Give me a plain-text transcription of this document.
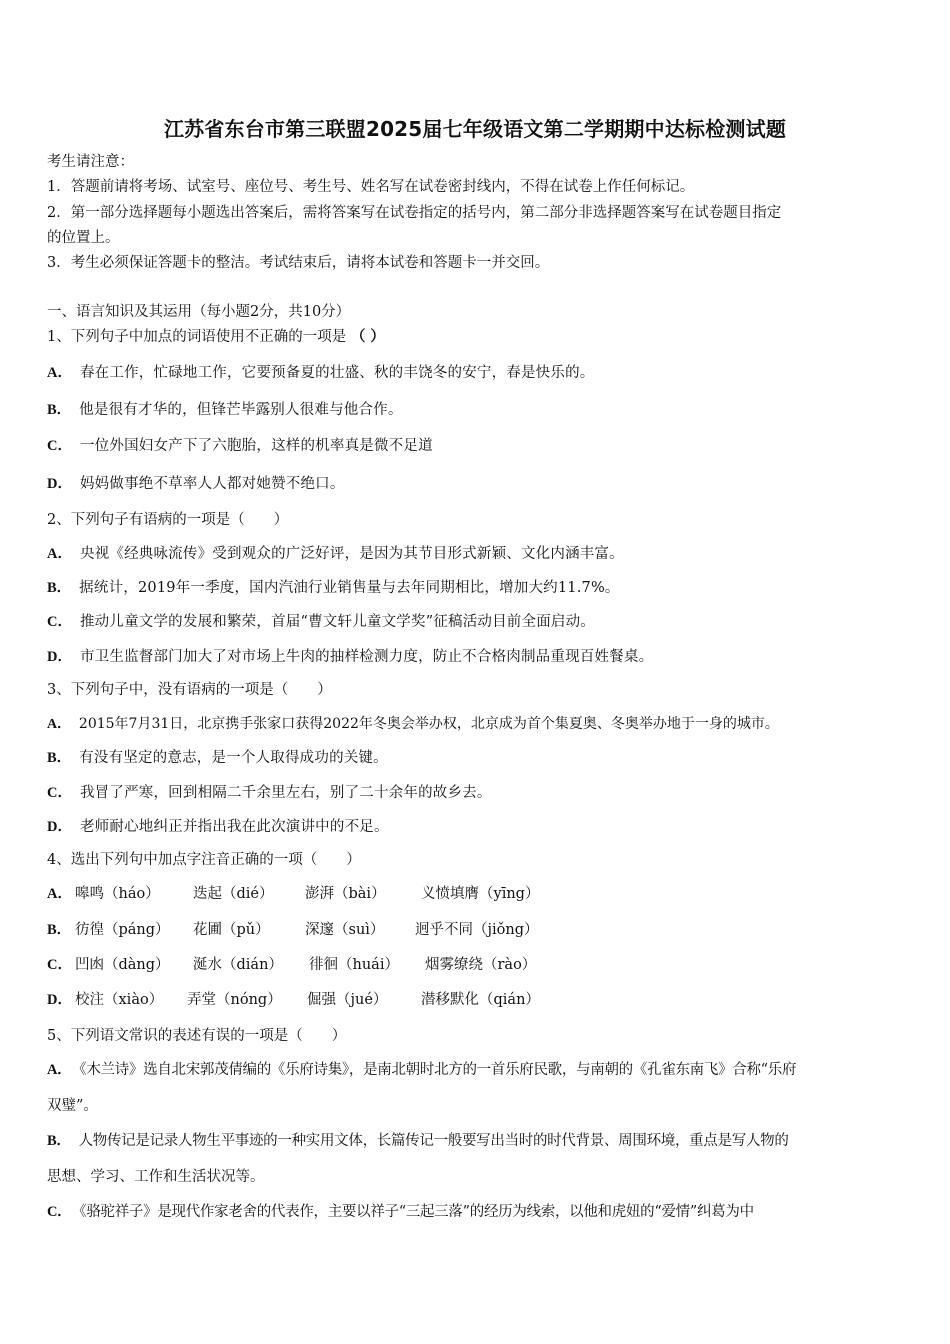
江苏省东台市第三联盟2025届七年级语文第二学期期中达标检测试题
考生请注意：
1．答题前请将考场、试室号、座位号、考生号、姓名写在试卷密封线内，不得在试卷上作任何标记。
2．第一部分选择题每小题选出答案后，需将答案写在试卷指定的括号内，第二部分非选择题答案写在试卷题目指定
的位置上。
3．考生必须保证答题卡的整洁。考试结束后，请将本试卷和答题卡一并交回。
一、语言知识及其运用（每小题2分，共10分）
1、下列句子中加点的词语使用不正确的一项是 （ ）
A． 春在工作，忙碌地工作，它要预备夏的壮盛、秋的丰饶冬的安宁，春是快乐的。
B． 他是很有才华的，但锋芒毕露别人很难与他合作。
C． 一位外国妇女产下了六胞胎，这样的机率真是微不足道
D． 妈妈做事绝不草率人人都对她赞不绝口。
2、下列句子有语病的一项是（　　）
A． 央视《经典咏流传》受到观众的广泛好评，是因为其节目形式新颖、文化内涵丰富。
B． 据统计，2019年一季度，国内汽油行业销售量与去年同期相比，增加大约11.7%。
C． 推动儿童文学的发展和繁荣，首届“曹文轩儿童文学奖”征稿活动目前全面启动。
D． 市卫生监督部门加大了对市场上牛肉的抽样检测力度，防止不合格肉制品重现百姓餐桌。
3、下列句子中，没有语病的一项是（　　）
A． 2015年7月31日，北京携手张家口获得2022年冬奥会举办权，北京成为首个集夏奥、冬奥举办地于一身的城市。
B． 有没有坚定的意志，是一个人取得成功的关键。
C． 我冒了严寒，回到相隔二千余里左右，别了二十余年的故乡去。
D． 老师耐心地纠正并指出我在此次演讲中的不足。
4、选出下列句中加点字注音正确的一项（　　）
A． 嗥鸣（háo） 迭起（dié） 澎湃（bài） 义愤填膺（yīng）
B． 彷徨（páng） 花圃（pǔ） 深邃（suì） 迥乎不同（jiǒng）
C． 凹凼（dàng） 涎水（dián） 徘徊（huái） 烟雾缭绕（rào）
D． 校注（xiào） 弄堂（nóng） 倔强（jué） 潜移默化（qián）
5、下列语文常识的表述有误的一项是（　　）
A． 《木兰诗》选自北宋郭茂倩编的《乐府诗集》，是南北朝时北方的一首乐府民歌，与南朝的《孔雀东南飞》合称“乐府
双璧”。
B． 人物传记是记录人物生平事迹的一种实用文体，长篇传记一般要写出当时的时代背景、周围环境，重点是写人物的
思想、学习、工作和生活状况等。
C． 《骆驼祥子》是现代作家老舍的代表作，主要以祥子“三起三落”的经历为线索，以他和虎妞的“爱情”纠葛为中
